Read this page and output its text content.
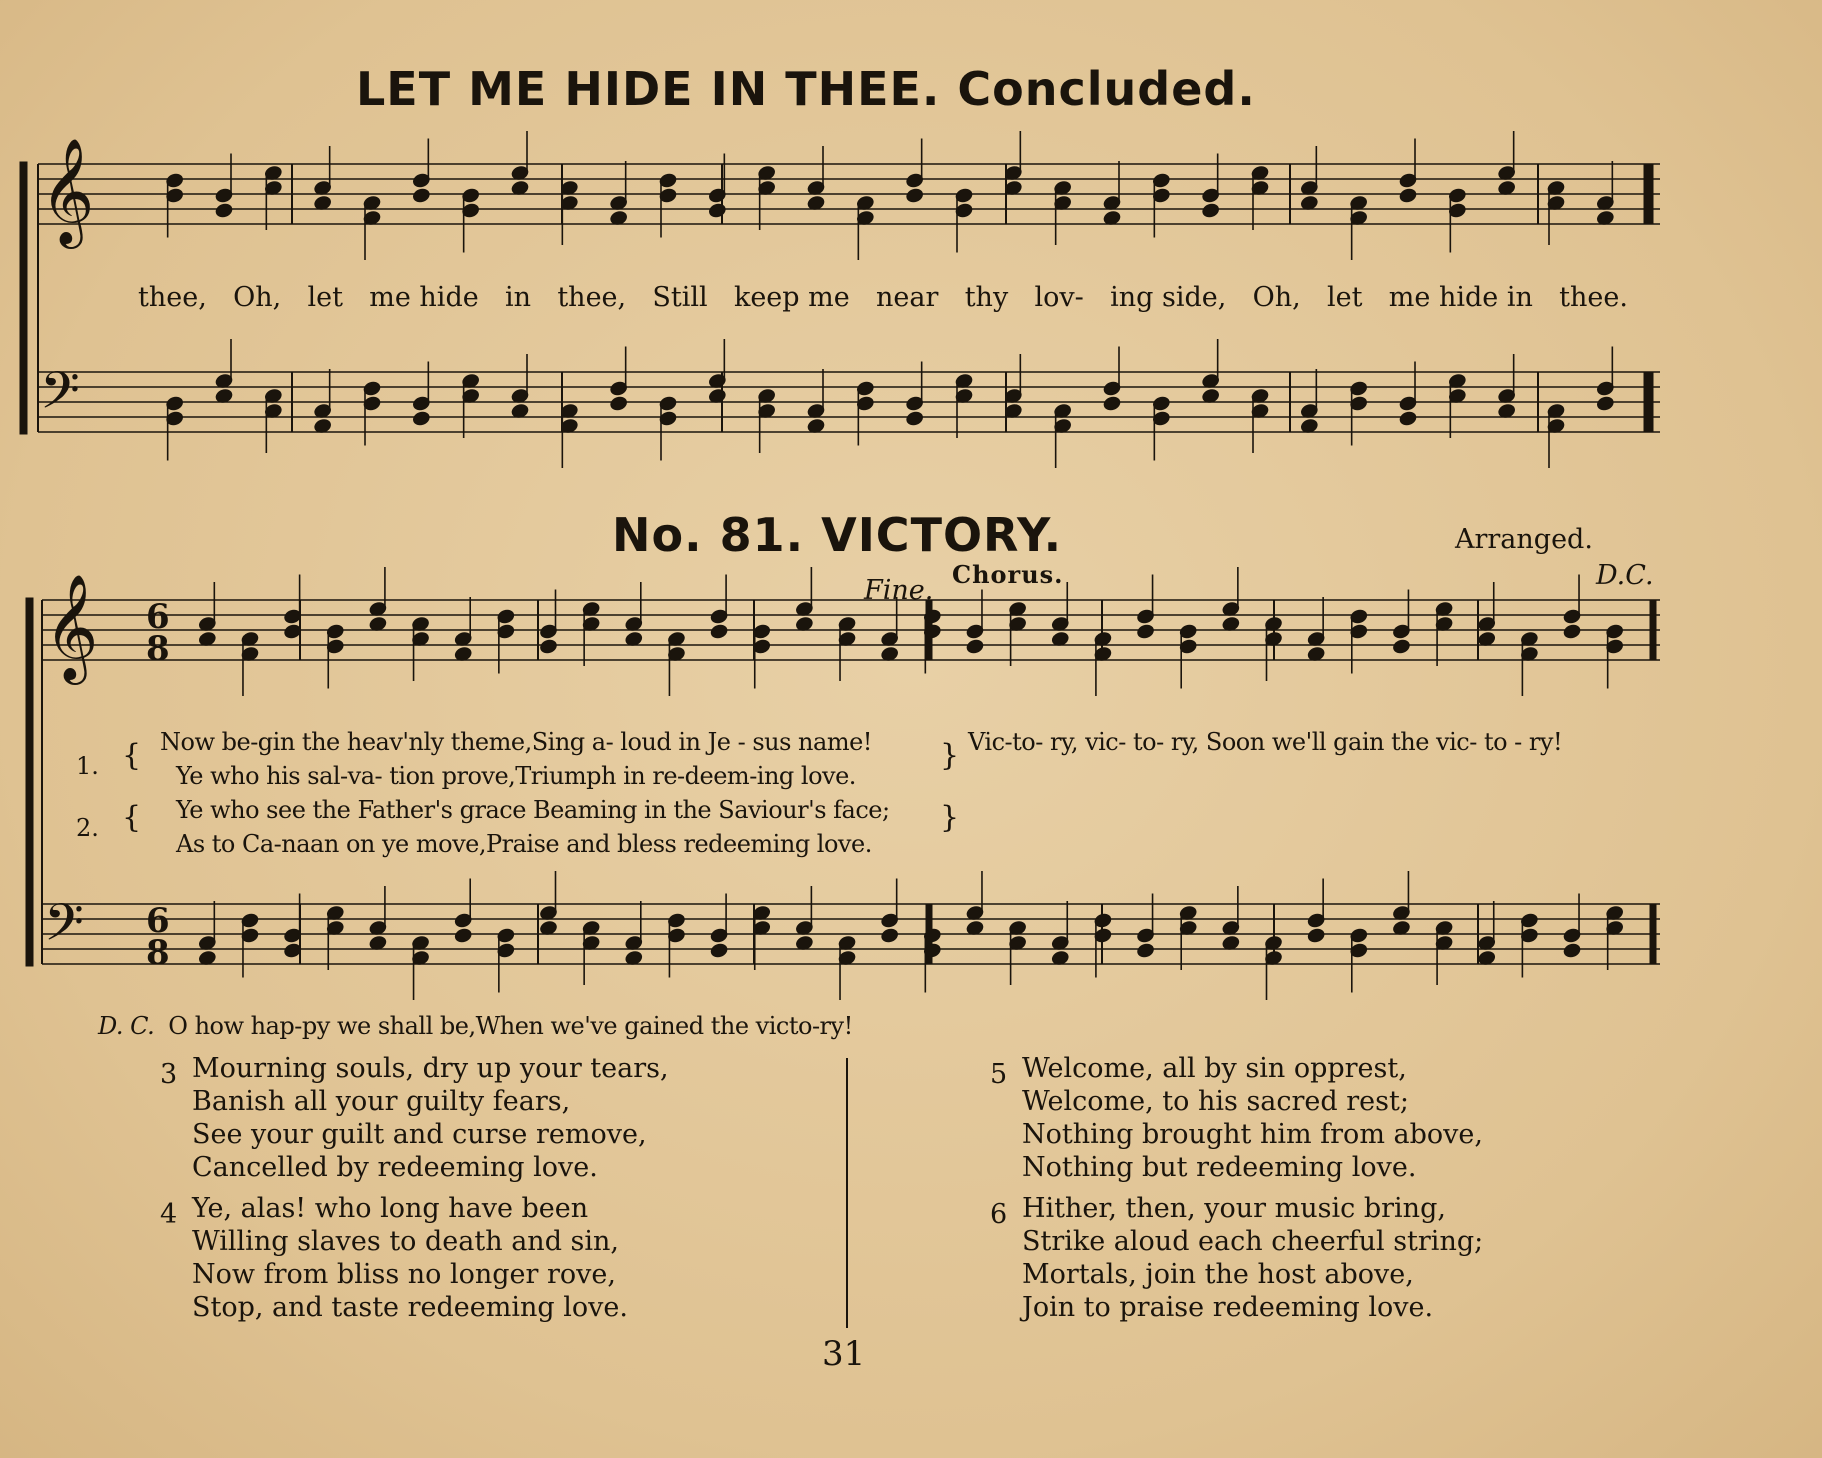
LET ME HIDE IN THEE. Concluded.
𝄞
𝄢
𝄞
𝄢
6
8
6
8
thee, Oh, let me hide in thee, Still keep me near thy lov- ing side, Oh, let me hide in thee.
No. 81. VICTORY.	Arranged.
Fine.
Chorus.	D.C.
1. { Now be-gin the heav'nly theme,Sing a- loud in Je - sus name!
Ye who his sal-va- tion prove,Triumph in re-deem-ing love.
2. { Ye who see the Father's grace Beaming in the Saviour's face;
As to Ca-naan on ye move,Praise and bless redeeming love.
}
}
Vic-to- ry, vic- to- ry, Soon we'll gain the vic- to - ry!
D. C. O how hap-py we shall be,When we've gained the victo-ry!
3 Mourning souls, dry up your tears,
Banish all your guilty fears,
See your guilt and curse remove,
Cancelled by redeeming love.
4 Ye, alas! who long have been
Willing slaves to death and sin,
Now from bliss no longer rove,
Stop, and taste redeeming love.
5 Welcome, all by sin opprest,
Welcome, to his sacred rest;
Nothing brought him from above,
Nothing but redeeming love.
6 Hither, then, your music bring,
Strike aloud each cheerful string;
Mortals, join the host above,
Join to praise redeeming love.
31
